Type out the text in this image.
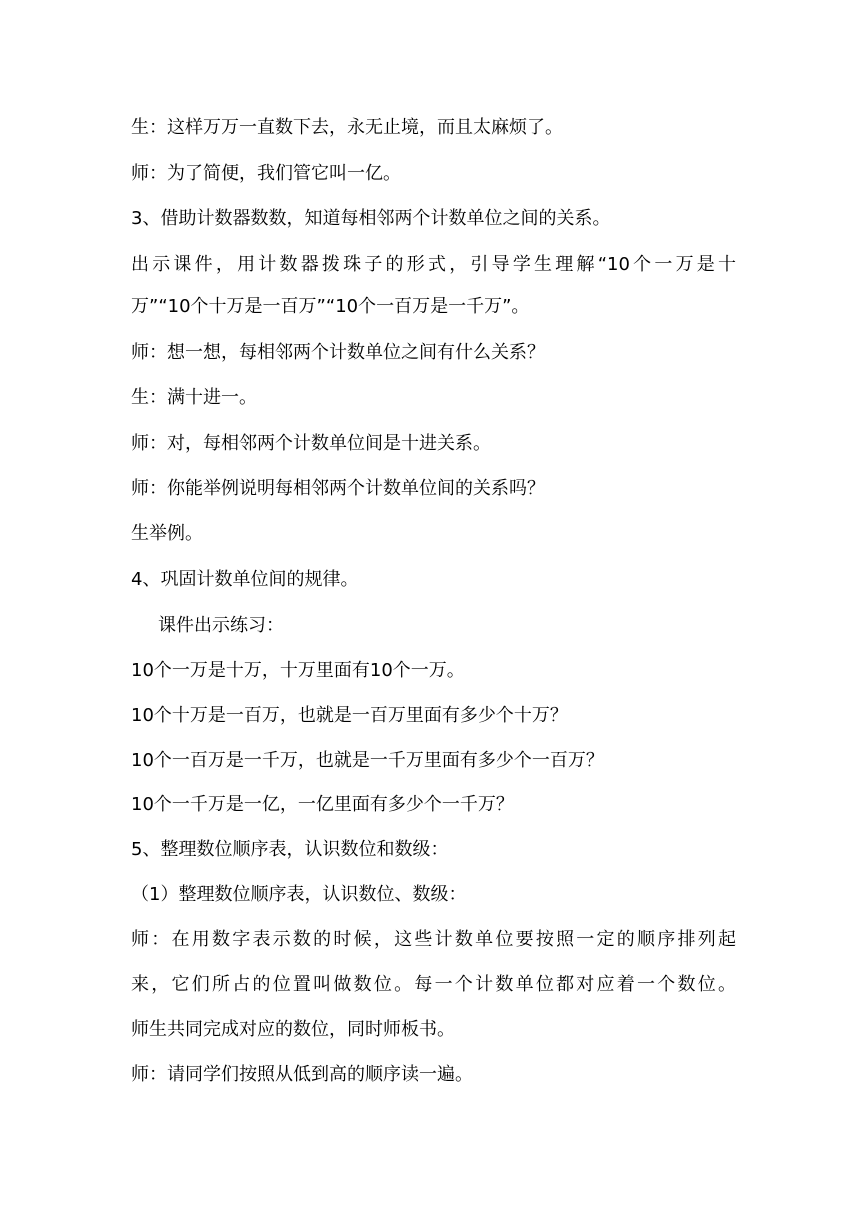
生：这样万万一直数下去，永无止境，而且太麻烦了。
师：为了简便，我们管它叫一亿。
3、借助计数器数数，知道每相邻两个计数单位之间的关系。
出示课件，用计数器拨珠子的形式，引导学生理解“10个一万是十
万”“10个十万是一百万”“10个一百万是一千万”。
师：想一想，每相邻两个计数单位之间有什么关系？
生：满十进一。
师：对，每相邻两个计数单位间是十进关系。
师：你能举例说明每相邻两个计数单位间的关系吗？
生举例。
4、巩固计数单位间的规律。
课件出示练习：
10个一万是十万，十万里面有10个一万。
10个十万是一百万，也就是一百万里面有多少个十万？
10个一百万是一千万，也就是一千万里面有多少个一百万？
10个一千万是一亿，一亿里面有多少个一千万？
5、整理数位顺序表，认识数位和数级：
（1）整理数位顺序表，认识数位、数级：
师：在用数字表示数的时候，这些计数单位要按照一定的顺序排列起
来，它们所占的位置叫做数位。每一个计数单位都对应着一个数位。
师生共同完成对应的数位，同时师板书。
师：请同学们按照从低到高的顺序读一遍。
